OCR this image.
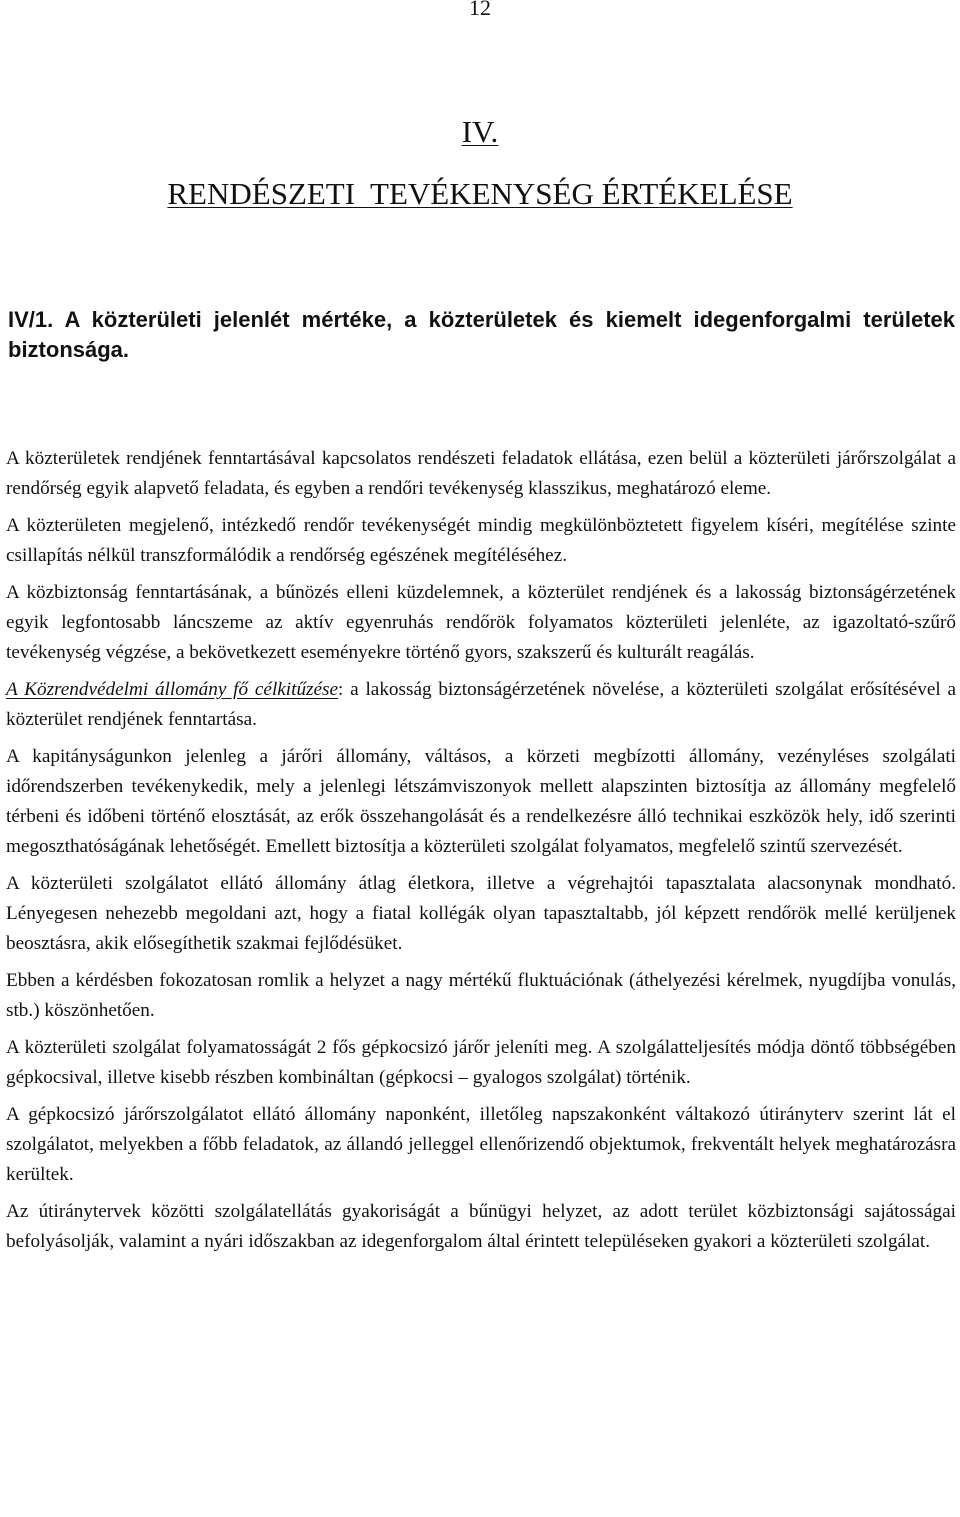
12
IV.
RENDÉSZETI  TEVÉKENYSÉG ÉRTÉKELÉSE
IV/1. A közterületi jelenlét mértéke, a közterületek és kiemelt idegenforgalmi területek biztonsága.

A közterületek rendjének fenntartásával kapcsolatos rendészeti feladatok ellátása, ezen belül a közterületi járőrszolgálat a rendőrség egyik alapvető feladata, és egyben a rendőri tevékenység klasszikus, meghatározó eleme.

A közterületen megjelenő, intézkedő rendőr tevékenységét mindig megkülönböztetett figyelem kíséri, megítélése szinte csillapítás nélkül transzformálódik a rendőrség egészének megítéléséhez.

A közbiztonság fenntartásának, a bűnözés elleni küzdelemnek, a közterület rendjének és a lakosság biztonságérzetének egyik legfontosabb láncszeme az aktív egyenruhás rendőrök folyamatos közterületi jelenléte, az igazoltató-szűrő tevékenység végzése, a bekövetkezett eseményekre történő gyors, szakszerű és kulturált reagálás.

A Közrendvédelmi állomány fő célkitűzése: a lakosság biztonságérzetének növelése, a közterületi szolgálat erősítésével a közterület rendjének fenntartása.

A kapitányságunkon jelenleg a járőri állomány, váltásos, a körzeti megbízotti állomány, vezényléses szolgálati időrendszerben tevékenykedik, mely a jelenlegi létszámviszonyok mellett alapszinten biztosítja az állomány megfelelő térbeni és időbeni történő elosztását, az erők összehangolását és a rendelkezésre álló technikai eszközök hely, idő szerinti megoszthatóságának lehetőségét. Emellett biztosítja a közterületi szolgálat folyamatos, megfelelő szintű szervezését.

A közterületi szolgálatot ellátó állomány átlag életkora, illetve a végrehajtói tapasztalata alacsonynak mondható. Lényegesen nehezebb megoldani azt, hogy a fiatal kollégák olyan tapasztaltabb, jól képzett rendőrök mellé kerüljenek beosztásra, akik elősegíthetik szakmai fejlődésüket.

Ebben a kérdésben fokozatosan romlik a helyzet a nagy mértékű fluktuációnak (áthelyezési kérelmek, nyugdíjba vonulás, stb.) köszönhetően.

A közterületi szolgálat folyamatosságát 2 fős gépkocsizó járőr jeleníti meg. A szolgálatteljesítés módja döntő többségében gépkocsival, illetve kisebb részben kombináltan (gépkocsi – gyalogos szolgálat) történik.

A gépkocsizó járőrszolgálatot ellátó állomány naponként, illetőleg napszakonként váltakozó útirányterv szerint lát el szolgálatot, melyekben a főbb feladatok, az állandó jelleggel ellenőrizendő objektumok, frekventált helyek meghatározásra kerültek.

Az útiránytervek közötti szolgálatellátás gyakoriságát a bűnügyi helyzet, az adott terület közbiztonsági sajátosságai befolyásolják, valamint a nyári időszakban az idegenforgalom által érintett településeken gyakori a közterületi szolgálat.
